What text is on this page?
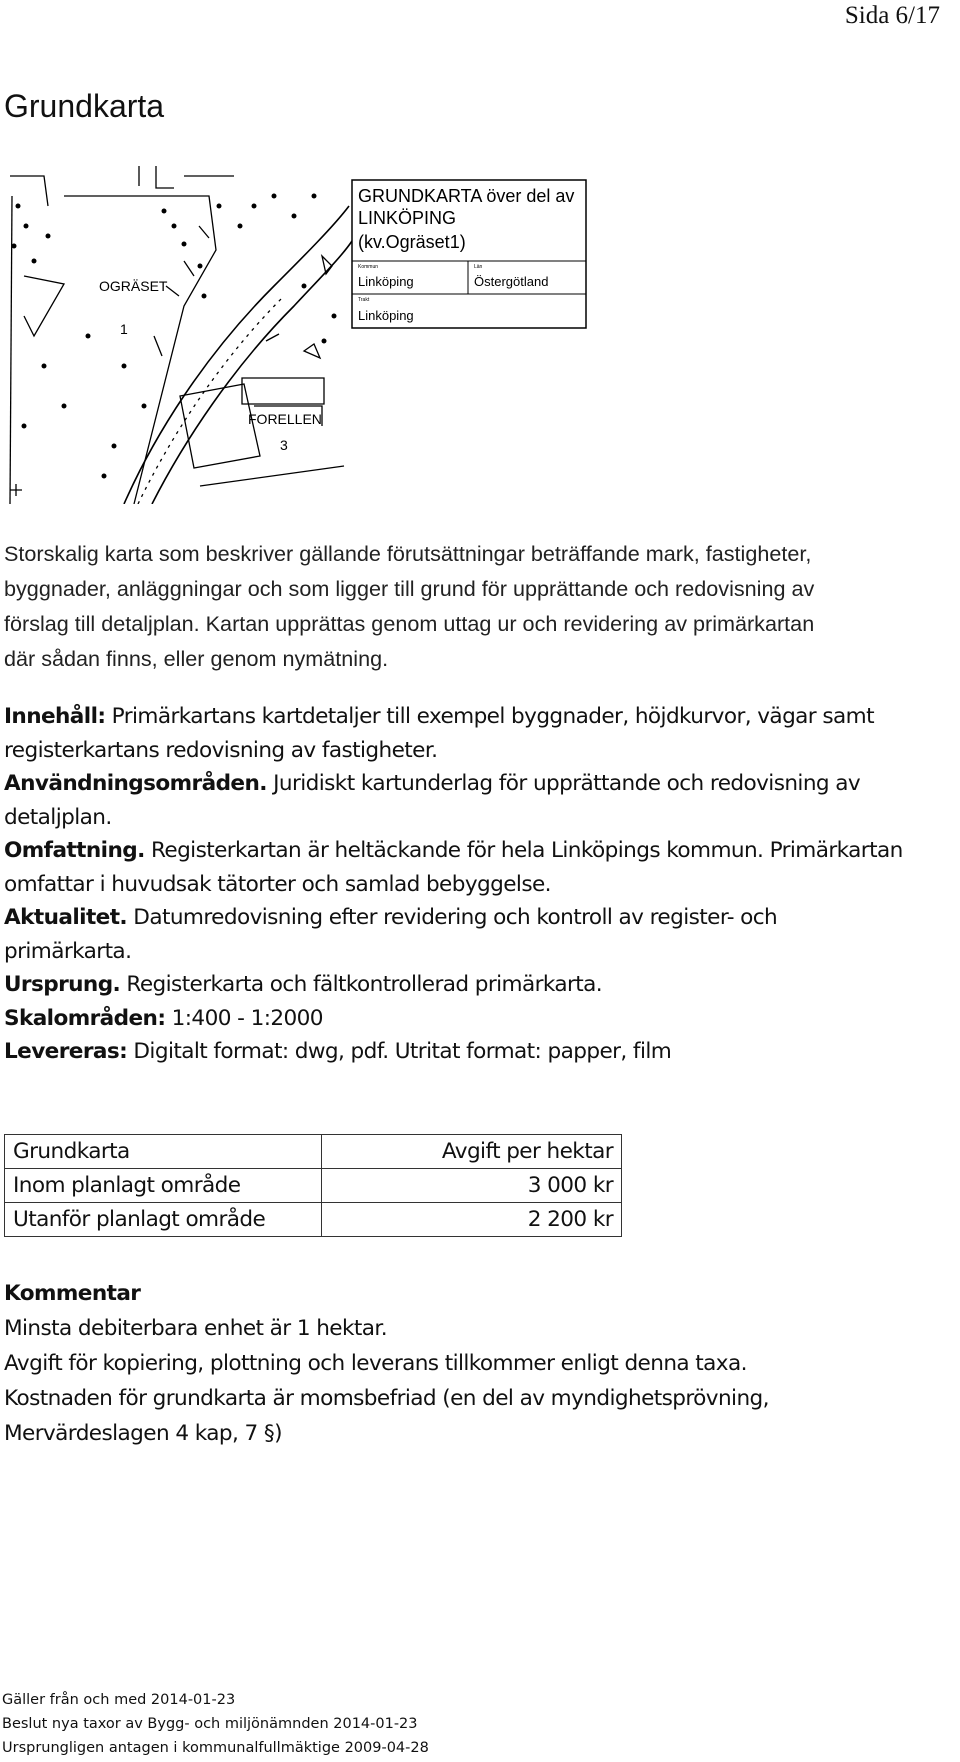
Sida 6/17
Grundkarta
OGRÄSET
1
FORELLEN
3
GRUNDKARTA över del av
LINKÖPING
(kv.Ogräset1)
Kommun
Linköping
Län
Östergötland
Trakt
Linköping

Storskalig karta som beskriver gällande förutsättningar beträffande mark, fastigheter,

byggnader, anläggningar och som ligger till grund för upprättande och redovisning av

förslag till detaljplan. Kartan upprättas genom uttag ur och revidering av primärkartan

där sådan finns, eller genom nymätning.

Innehåll: Primärkartans kartdetaljer till exempel byggnader, höjdkurvor, vägar samt

registerkartans redovisning av fastigheter.

Användningsområden. Juridiskt kartunderlag för upprättande och redovisning av

detaljplan.

Omfattning. Registerkartan är heltäckande för hela Linköpings kommun. Primärkartan

omfattar i huvudsak tätorter och samlad bebyggelse.

Aktualitet. Datumredovisning efter revidering och kontroll av register- och

primärkarta.

Ursprung. Registerkarta och fältkontrollerad primärkarta.

Skalområden: 1:400 - 1:2000

Levereras: Digitalt format: dwg, pdf. Utritat format: papper, film

Grundkarta	Avgift per hektar
Inom planlagt område	3 000 kr
Utanför planlagt område	2 200 kr

Kommentar

Minsta debiterbara enhet är 1 hektar.

Avgift för kopiering, plottning och leverans tillkommer enligt denna taxa.

Kostnaden för grundkarta är momsbefriad (en del av myndighetsprövning,

Mervärdeslagen 4 kap, 7 §)

Gäller från och med 2014-01-23

Beslut nya taxor av Bygg- och miljönämnden 2014-01-23

Ursprungligen antagen i kommunalfullmäktige 2009-04-28
